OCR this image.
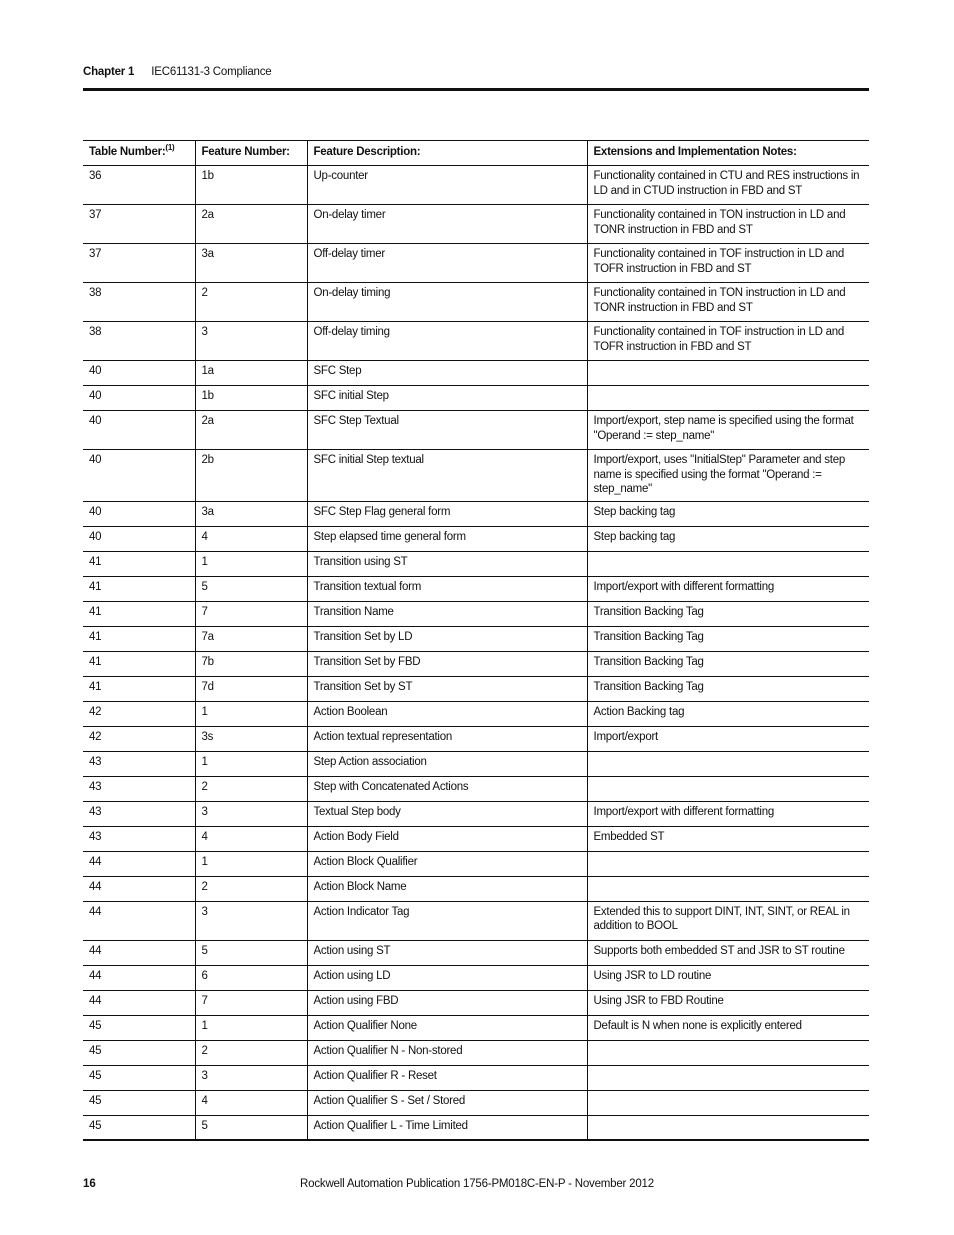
Chapter 1 IEC61131-3 Compliance
Table Number:$^{(1)}$	Feature Number:	Feature Description:	Extensions and Implementation Notes:
36	1b	Up-counter	Functionality contained in CTU and RES instructions in LD and in CTUD instruction in FBD and ST
37	2a	On-delay timer	Functionality contained in TON instruction in LD and TONR instruction in FBD and ST
37	3a	Off-delay timer	Functionality contained in TOF instruction in LD and TOFR instruction in FBD and ST
38	2	On-delay timing	Functionality contained in TON instruction in LD and TONR instruction in FBD and ST
38	3	Off-delay timing	Functionality contained in TOF instruction in LD and TOFR instruction in FBD and ST
40	1a	SFC Step	
40	1b	SFC initial Step	
40	2a	SFC Step Textual	Import/export, step name is specified using the format "Operand := step_name"
40	2b	SFC initial Step textual	Import/export, uses "InitialStep" Parameter and step name is specified using the format "Operand := step_name"
40	3a	SFC Step Flag general form	Step backing tag
40	4	Step elapsed time general form	Step backing tag
41	1	Transition using ST	
41	5	Transition textual form	Import/export with different formatting
41	7	Transition Name	Transition Backing Tag
41	7a	Transition Set by LD	Transition Backing Tag
41	7b	Transition Set by FBD	Transition Backing Tag
41	7d	Transition Set by ST	Transition Backing Tag
42	1	Action Boolean	Action Backing tag
42	3s	Action textual representation	Import/export
43	1	Step Action association	
43	2	Step with Concatenated Actions	
43	3	Textual Step body	Import/export with different formatting
43	4	Action Body Field	Embedded ST
44	1	Action Block Qualifier	
44	2	Action Block Name	
44	3	Action Indicator Tag	Extended this to support DINT, INT, SINT, or REAL in addition to BOOL
44	5	Action using ST	Supports both embedded ST and JSR to ST routine
44	6	Action using LD	Using JSR to LD routine
44	7	Action using FBD	Using JSR to FBD Routine
45	1	Action Qualifier None	Default is N when none is explicitly entered
45	2	Action Qualifier N - Non-stored	
45	3	Action Qualifier R - Reset	
45	4	Action Qualifier S - Set / Stored	
45	5	Action Qualifier L - Time Limited	
16	Rockwell Automation Publication 1756-PM018C-EN-P - November 2012
